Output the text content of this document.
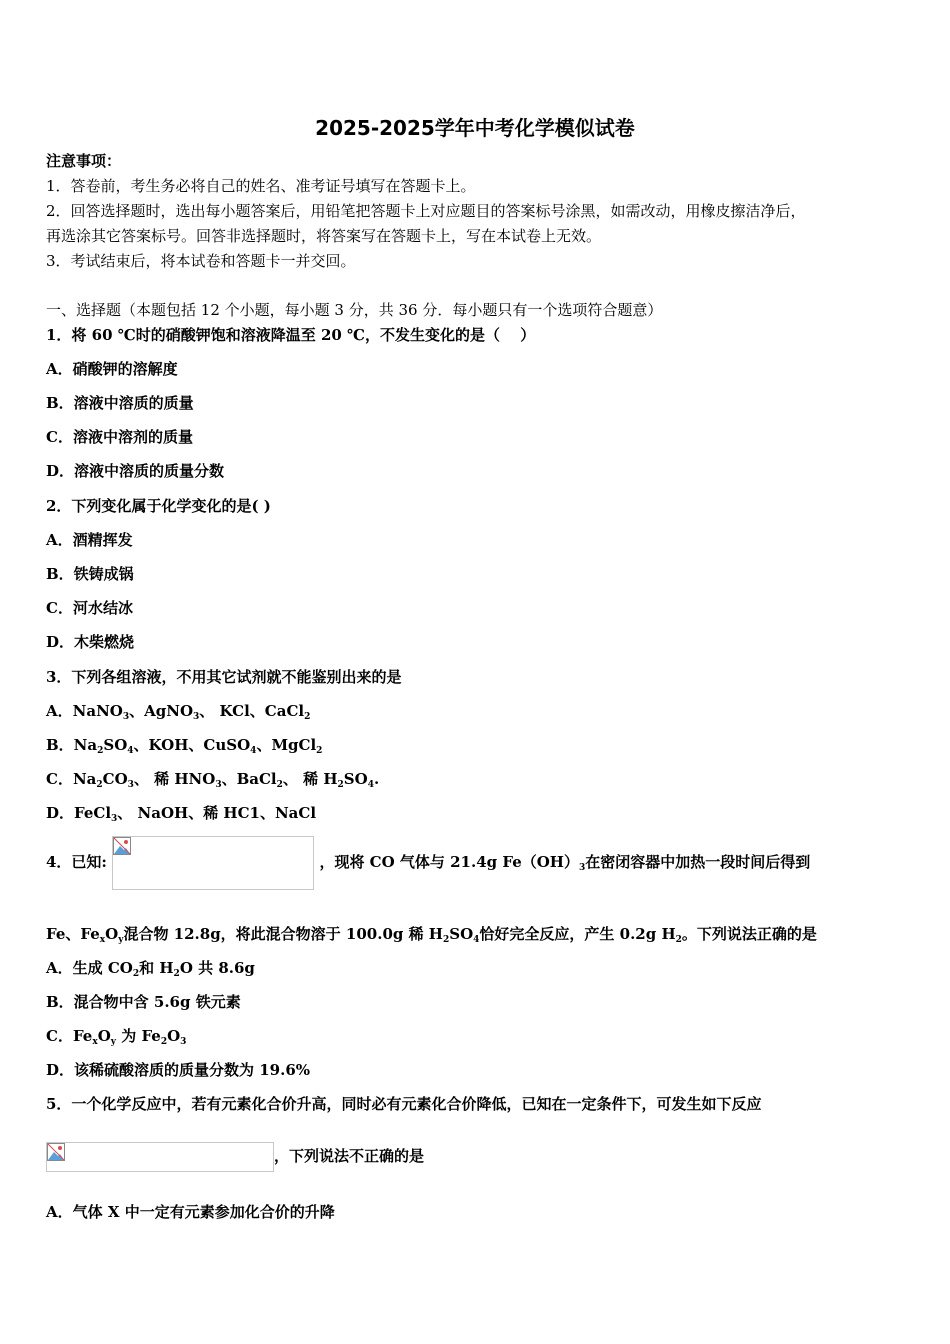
2025-2025学年中考化学模似试卷
注意事项：
1．答卷前，考生务必将自己的姓名、准考证号填写在答题卡上。
2．回答选择题时，选出每小题答案后，用铅笔把答题卡上对应题目的答案标号涂黑，如需改动，用橡皮擦洁净后，
再选涂其它答案标号。回答非选择题时，将答案写在答题卡上，写在本试卷上无效。
3．考试结束后，将本试卷和答题卡一并交回。
一、选择题（本题包括 12 个小题，每小题 3 分，共 36 分．每小题只有一个选项符合题意）
1．将 60 ℃时的硝酸钾饱和溶液降温至 20 ℃，不发生变化的是（　 ）
A．硝酸钾的溶解度
B．溶液中溶质的质量
C．溶液中溶剂的质量
D．溶液中溶质的质量分数
2．下列变化属于化学变化的是( )
A．酒精挥发
B．铁铸成锅
C．河水结冰
D．木柴燃烧
3．下列各组溶液，不用其它试剂就不能鉴别出来的是
A．NaNO$_3$、AgNO$_3$、 KCl、CaCl$_2$
B．$Na_2SO_4$、KOH、CuSO$_4$、MgCl$_2$
C．$Na_2CO_3$、 稀 $HNO_3$、BaCl$_2$、 稀 $H_2SO_4$.
D．FeCl$_3$、 NaOH、稀 HC1、NaCl
4．已知:	，现将 CO 气体与 21.4g $Fe(OH)_3$在密闭容器中加热一段时间后得到
Fe、$Fe_xO_y$混合物 12.8g，将此混合物溶于 100.0g 稀 $H_2SO_4$恰好完全反应，产生 0.2g $H_2$。下列说法正确的是
A．生成 $CO_2$和 $H_2O$ 共 8.6g
B．混合物中含 5.6g 铁元素
C．$Fe_xO_y$ 为 $Fe_2O_3$
D．该稀硫酸溶质的质量分数为 19.6%
5．一个化学反应中，若有元素化合价升高，同时必有元素化合价降低，已知在一定条件下，可发生如下反应
，下列说法不正确的是
A．气体 X 中一定有元素参加化合价的升降
